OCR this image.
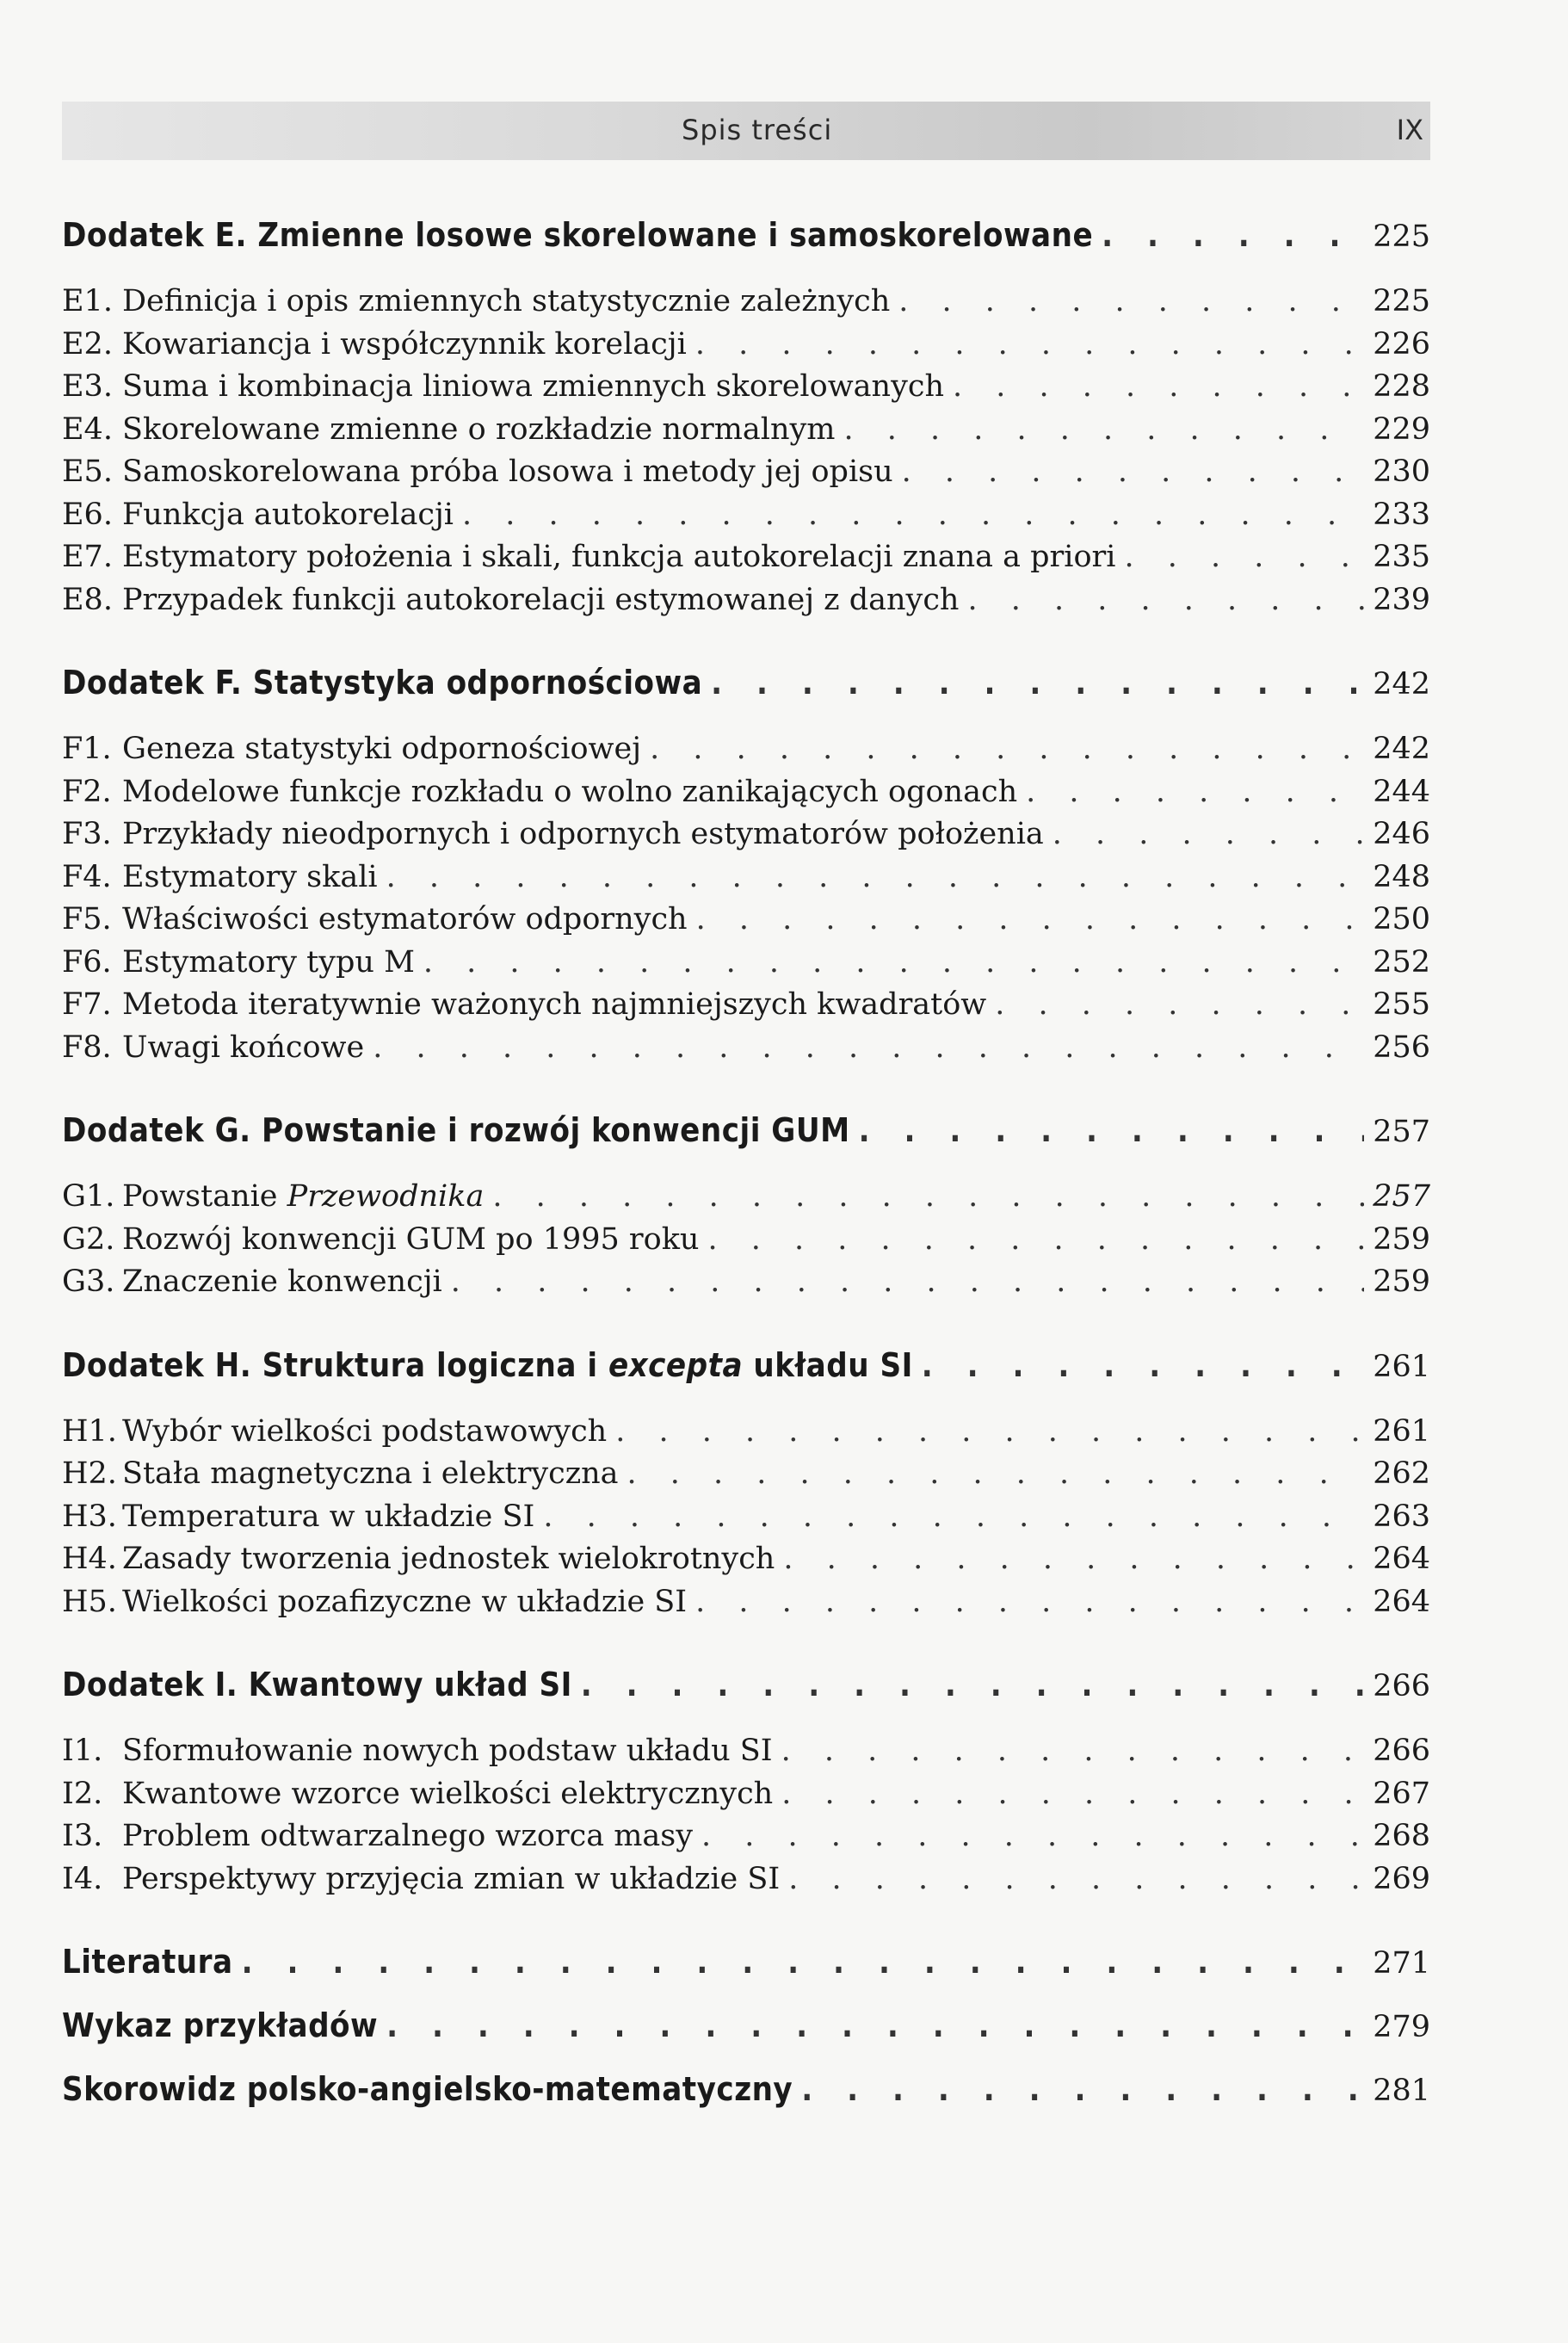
Spis treści	IX
Dodatek E. Zmienne losowe skorelowane i samoskorelowane . . .	225
E1. Definicja i opis zmiennych statystycznie zależnych . . .	225
E2. Kowariancja i współczynnik korelacji . . .	226
E3. Suma i kombinacja liniowa zmiennych skorelowanych . . .	228
E4. Skorelowane zmienne o rozkładzie normalnym . . .	229
E5. Samoskorelowana próba losowa i metody jej opisu . . .	230
E6. Funkcja autokorelacji . . .	233
E7. Estymatory położenia i skali, funkcja autokorelacji znana a priori . . .	235
E8. Przypadek funkcji autokorelacji estymowanej z danych . . .	239
Dodatek F. Statystyka odpornościowa . . .	242
F1. Geneza statystyki odpornościowej . . .	242
F2. Modelowe funkcje rozkładu o wolno zanikających ogonach . . .	244
F3. Przykłady nieodpornych i odpornych estymatorów położenia . . .	246
F4. Estymatory skali . . .	248
F5. Właściwości estymatorów odpornych . . .	250
F6. Estymatory typu M . . .	252
F7. Metoda iteratywnie ważonych najmniejszych kwadratów . . .	255
F8. Uwagi końcowe . . .	256
Dodatek G. Powstanie i rozwój konwencji GUM . . .	257
G1. Powstanie Przewodnika . . .	257
G2. Rozwój konwencji GUM po 1995 roku . . .	259
G3. Znaczenie konwencji . . .	259
Dodatek H. Struktura logiczna i excepta układu SI . . .	261
H1. Wybór wielkości podstawowych . . .	261
H2. Stała magnetyczna i elektryczna . . .	262
H3. Temperatura w układzie SI . . .	263
H4. Zasady tworzenia jednostek wielokrotnych . . .	264
H5. Wielkości pozafizyczne w układzie SI . . .	264
Dodatek I. Kwantowy układ SI . . .	266
I1. Sformułowanie nowych podstaw układu SI . . .	266
I2. Kwantowe wzorce wielkości elektrycznych . . .	267
I3. Problem odtwarzalnego wzorca masy . . .	268
I4. Perspektywy przyjęcia zmian w układzie SI . . .	269
Literatura . . .	271
Wykaz przykładów . . .	279
Skorowidz polsko-angielsko-matematyczny . . .	281
